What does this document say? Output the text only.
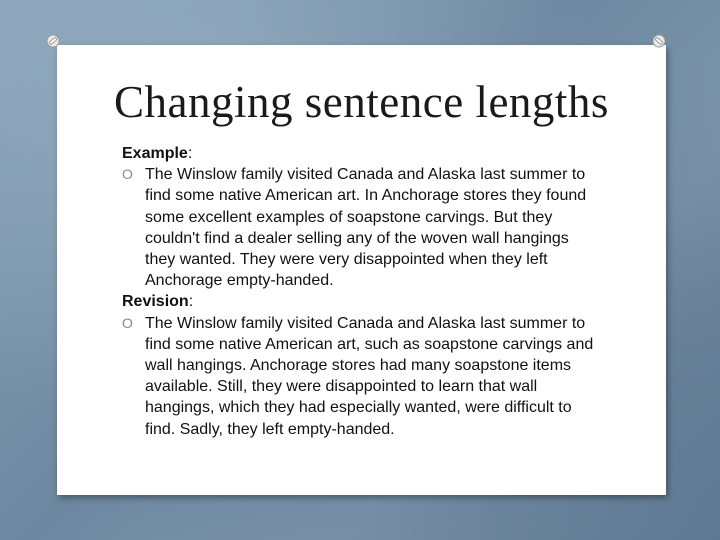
Changing sentence lengths

Example:

O The Winslow family visited Canada and Alaska last summer to find some native American art. In Anchorage stores they found some excellent examples of soapstone carvings. But they couldn't find a dealer selling any of the woven wall hangings they wanted. They were very disappointed when they left Anchorage empty-handed.

Revision:

O The Winslow family visited Canada and Alaska last summer to find some native American art, such as soapstone carvings and wall hangings. Anchorage stores had many soapstone items available. Still, they were disappointed to learn that wall hangings, which they had especially wanted, were difficult to find. Sadly, they left empty-handed.
